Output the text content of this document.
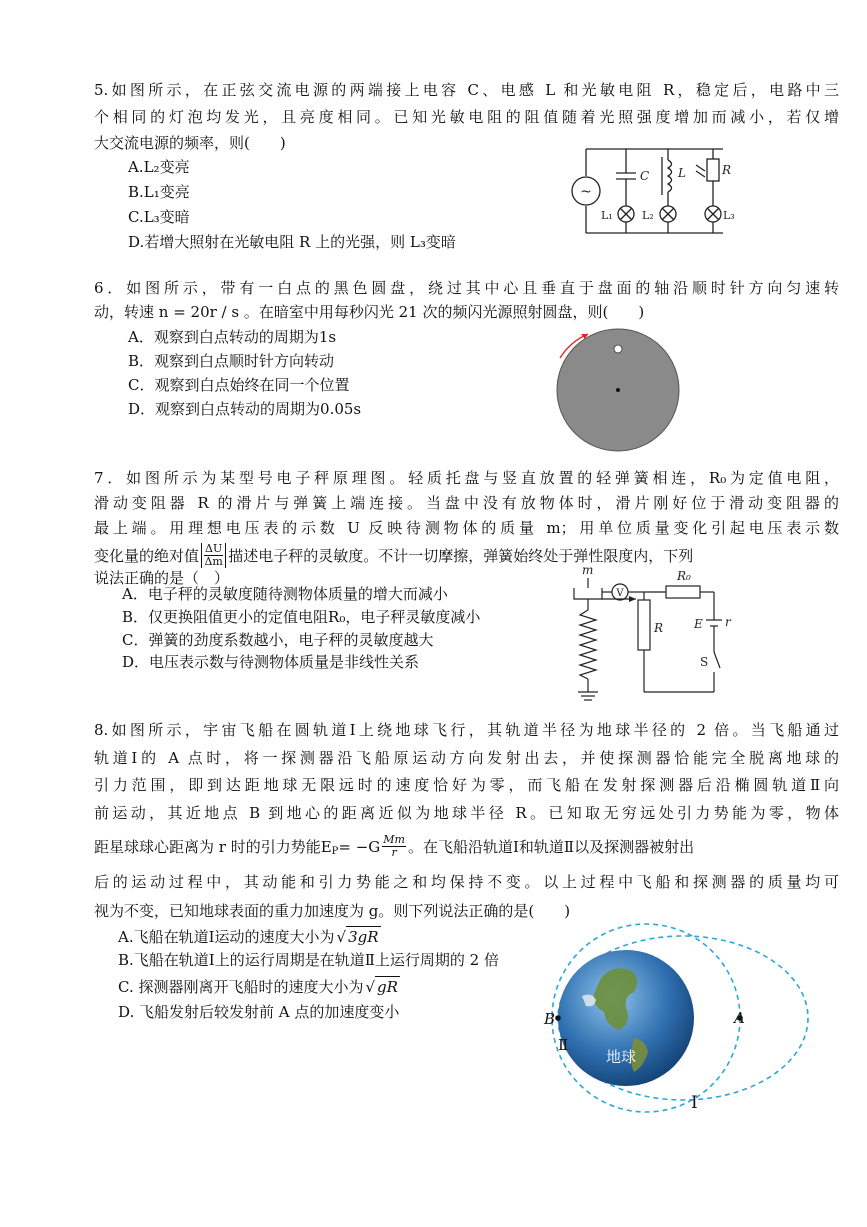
5.如图所示，在正弦交流电源的两端接上电容 C、电感 L 和光敏电阻 R，稳定后，电路中三
个相同的灯泡均发光，且亮度相同。已知光敏电阻的阻值随着光照强度增加而减小，若仅增
大交流电源的频率，则(　　)
A.L₂变亮
B.L₁变亮
C.L₃变暗
D.若增大照射在光敏电阻 R 上的光强，则 L₃变暗
~
C L	R
L₁	L₂	L₃
6．如图所示，带有一白点的黑色圆盘，绕过其中心且垂直于盘面的轴沿顺时针方向匀速转
动，转速 n = 20r / s 。在暗室中用每秒闪光 21 次的频闪光源照射圆盘，则(　　)
A．观察到白点转动的周期为1s
B．观察到白点顺时针方向转动
C．观察到白点始终在同一个位置
D．观察到白点转动的周期为0.05s
7．如图所示为某型号电子秤原理图。轻质托盘与竖直放置的轻弹簧相连，R₀为定值电阻，
滑动变阻器 R 的滑片与弹簧上端连接。当盘中没有放物体时，滑片刚好位于滑动变阻器的
最上端。用理想电压表的示数 U 反映待测物体的质量 m；用单位质量变化引起电压表示数
变化量的绝对值 $\frac{\Delta U}{\Delta m}$ 描述电子秤的灵敏度。不计一切摩擦，弹簧始终处于弹性限度内，下列
说法正确的是（　）
A．电子秤的灵敏度随待测物体质量的增大而减小
B．仅更换阻值更小的定值电阻R₀，电子秤灵敏度减小
C．弹簧的劲度系数越小，电子秤的灵敏度越大
D．电压表示数与待测物体质量是非线性关系
m
V
R₀
R	E r
S
8.如图所示，宇宙飞船在圆轨道Ⅰ上绕地球飞行，其轨道半径为地球半径的 2 倍。当飞船通过
轨道Ⅰ的 A 点时，将一探测器沿飞船原运动方向发射出去，并使探测器恰能完全脱离地球的
引力范围，即到达距地球无限远时的速度恰好为零，而飞船在发射探测器后沿椭圆轨道Ⅱ向
前运动，其近地点 B 到地心的距离近似为地球半径 R。已知取无穷远处引力势能为零，物体
距星球球心距离为 r 时的引力势能E $P = -G \frac{Mm}{r}$ 。在飞船沿轨道Ⅰ和轨道Ⅱ以及探测器被射出
后的运动过程中，其动能和引力势能之和均保持不变。以上过程中飞船和探测器的质量均可
视为不变，已知地球表面的重力加速度为 g。则下列说法正确的是(　　)
A.飞船在轨道Ⅰ运动的速度大小为 √ 3gR
B.飞船在轨道Ⅰ上的运行周期是在轨道Ⅱ上运行周期的 2 倍
C. 探测器刚离开飞船时的速度大小为 √ gR
D. 飞船发射后较发射前 A 点的加速度变小	A
B
Ⅱ
Ⅰ
地球
